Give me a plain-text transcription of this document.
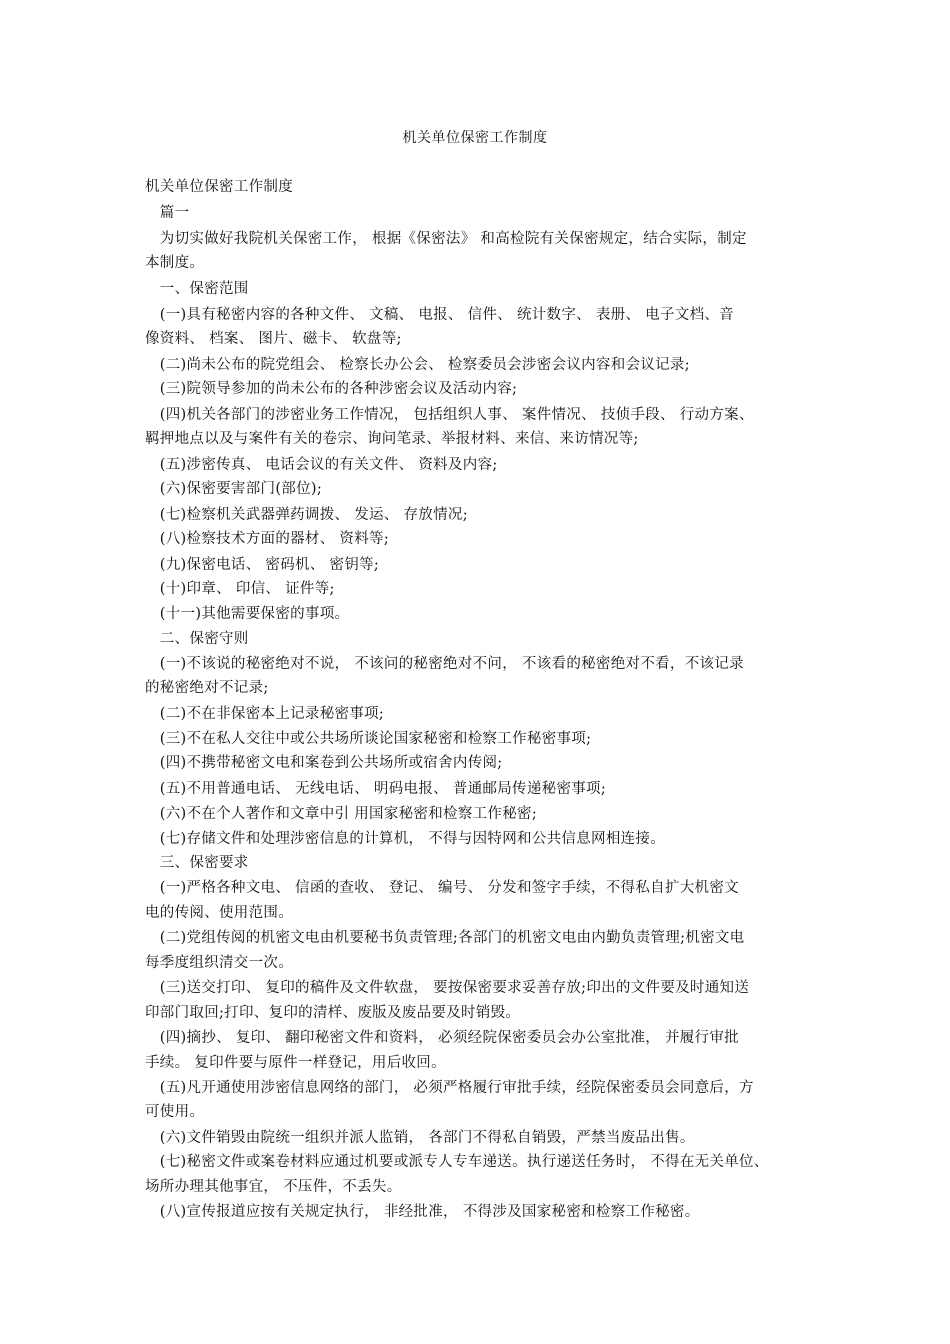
机关单位保密工作制度
机关单位保密工作制度
　篇一
　为切实做好我院机关保密工作， 根据《保密法》 和高检院有关保密规定，结合实际，制定
本制度。
　一、保密范围
　(一)具有秘密内容的各种文件、 文稿、 电报、 信件、 统计数字、 表册、 电子文档、音
像资料、 档案、 图片、磁卡、 软盘等;
　(二)尚未公布的院党组会、 检察长办公会、 检察委员会涉密会议内容和会议记录;
　(三)院领导参加的尚未公布的各种涉密会议及活动内容;
　(四)机关各部门的涉密业务工作情况， 包括组织人事、 案件情况、 技侦手段、 行动方案、
羁押地点以及与案件有关的卷宗、询问笔录、举报材料、来信、来访情况等;
　(五)涉密传真、 电话会议的有关文件、 资料及内容;
　(六)保密要害部门(部位);
　(七)检察机关武器弹药调拨、 发运、 存放情况;
　(八)检察技术方面的器材、 资料等;
　(九)保密电话、 密码机、 密钥等;
　(十)印章、 印信、 证件等;
　(十一)其他需要保密的事项。
　二、保密守则
　(一)不该说的秘密绝对不说， 不该问的秘密绝对不问， 不该看的秘密绝对不看，不该记录
的秘密绝对不记录;
　(二)不在非保密本上记录秘密事项;
　(三)不在私人交往中或公共场所谈论国家秘密和检察工作秘密事项;
　(四)不携带秘密文电和案卷到公共场所或宿舍内传阅;
　(五)不用普通电话、 无线电话、 明码电报、 普通邮局传递秘密事项;
　(六)不在个人著作和文章中引 用国家秘密和检察工作秘密;
　(七)存储文件和处理涉密信息的计算机， 不得与因特网和公共信息网相连接。
　三、保密要求
　(一)严格各种文电、 信函的查收、 登记、 编号、 分发和签字手续，不得私自扩大机密文
电的传阅、使用范围。
　(二)党组传阅的机密文电由机要秘书负责管理;各部门的机密文电由内勤负责管理;机密文电
每季度组织清交一次。
　(三)送交打印、 复印的稿件及文件软盘， 要按保密要求妥善存放;印出的文件要及时通知送
印部门取回;打印、复印的清样、废版及废品要及时销毁。
　(四)摘抄、 复印、 翻印秘密文件和资料， 必须经院保密委员会办公室批准， 并履行审批
手续。 复印件要与原件一样登记，用后收回。
　(五)凡开通使用涉密信息网络的部门， 必须严格履行审批手续，经院保密委员会同意后，方
可使用。
　(六)文件销毁由院统一组织并派人监销， 各部门不得私自销毁，严禁当废品出售。
　(七)秘密文件或案卷材料应通过机要或派专人专车递送。执行递送任务时， 不得在无关单位、
场所办理其他事宜， 不压件，不丢失。
　(八)宣传报道应按有关规定执行， 非经批准， 不得涉及国家秘密和检察工作秘密。
